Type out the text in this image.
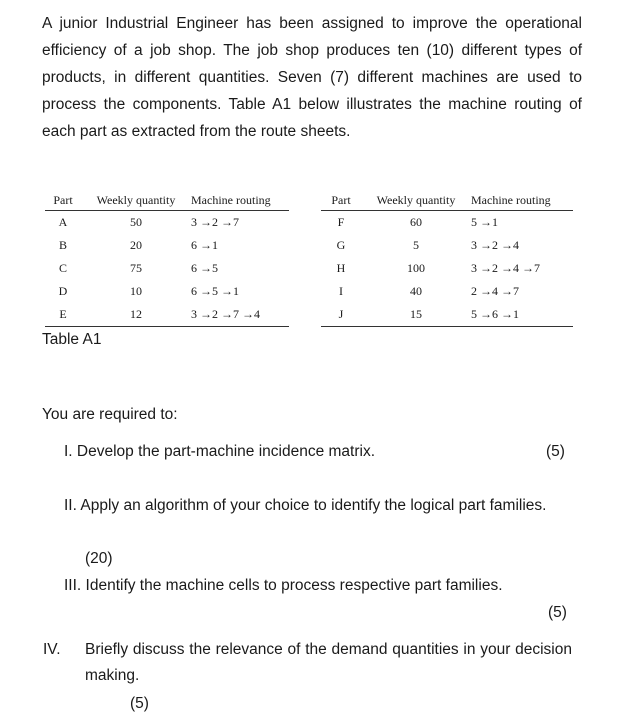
A junior Industrial Engineer has been assigned to improve the operational efficiency of a job shop. The job shop produces ten (10) different types of products, in different quantities. Seven (7) different machines are used to process the components. Table A1 below illustrates the machine routing of each part as extracted from the route sheets.

Part	Weekly quantity	Machine routing
A	50	3 →2 →7
B	20	6 →1
C	75	6 →5
D	10	6 →5 →1
E	12	3 →2 →7 →4
Part	Weekly quantity	Machine routing
F	60	5 →1
G	5	3 →2 →4
H	100	3 →2 →4 →7
I	40	2 →4 →7
J	15	5 →6 →1

Table A1

You are required to:

I. Develop the part-machine incidence matrix.	(5)

II. Apply an algorithm of your choice to identify the logical part families.

(20)

III. Identify the machine cells to process respective part families.

(5)
IV. Briefly discuss the relevance of the demand quantities in your decision making.

(5)
